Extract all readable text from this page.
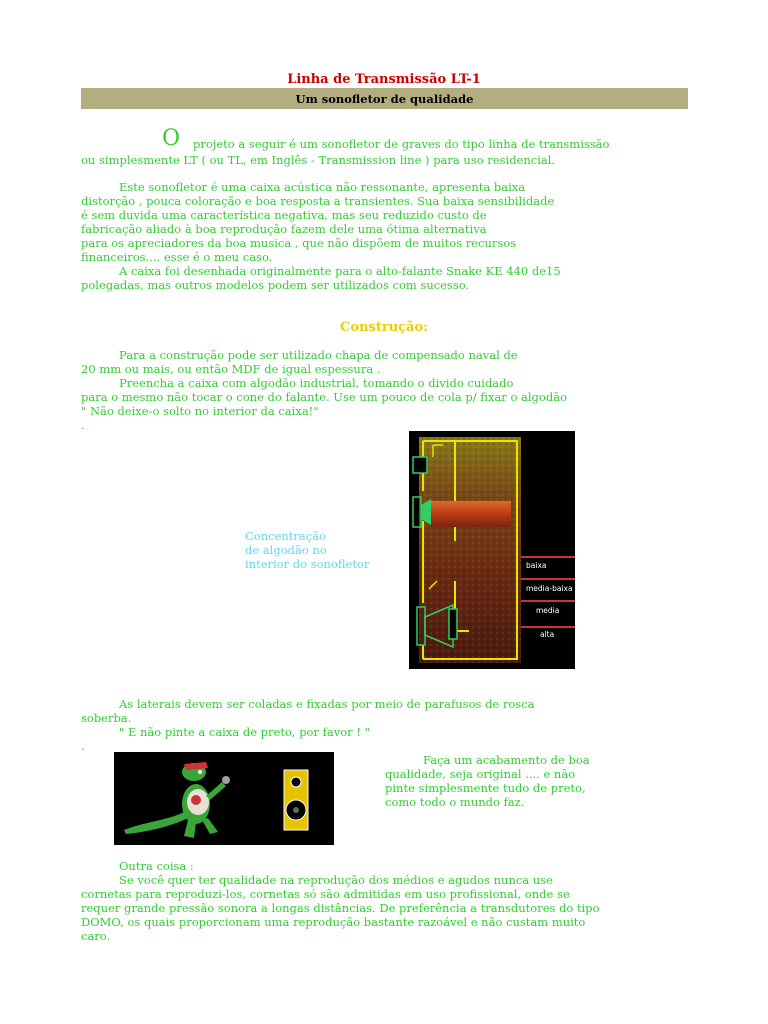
Linha de Transmissão LT-1
Um sonofletor de qualidade
O projeto a seguir é um sonofletor de graves do tipo linha de transmissão
ou simplesmente LT ( ou TL, em Inglês - Transmission line ) para uso residencial.
Este sonofletor é uma caixa acústica não ressonante, apresenta baixa
distorção , pouca coloração e boa resposta a transientes. Sua baixa sensibilidade
é sem duvida uma característica negativa, mas seu reduzido custo de
fabricação aliado à boa reprodução fazem dele uma ótima alternativa
para os apreciadores da boa musica , que não dispõem de muitos recursos
financeiros.... esse é o meu caso.
A caixa foi desenhada originalmente para o alto-falante Snake KE 440 de15
polegadas, mas outros modelos podem ser utilizados com sucesso.
Construção:
Para a construção pode ser utilizado chapa de compensado naval de
20 mm ou mais, ou então MDF de igual espessura .
Preencha a caixa com algodão industrial, tomando o divido cuidado
para o mesmo não tocar o cone do falante. Use um pouco de cola p/ fixar o algodão
" Não deixe-o solto no interior da caixa!"
.
Concentração
de algodão no
interior do sonofletor	baixa
media-baixa
media
alta
As laterais devem ser coladas e fixadas por meio de parafusos de rosca
soberba.
" E não pinte a caixa de preto, por favor ! "
.
Faça um acabamento de boa
qualidade, seja original .... e não
pinte simplesmente tudo de preto,
como todo o mundo faz.
Outra coisa :
Se você quer ter qualidade na reprodução dos médios e agudos nunca use
cornetas para reproduzi-los, cornetas só são admitidas em uso profissional, onde se
requer grande pressão sonora a longas distâncias. De preferência a transdutores do tipo
DOMO, os quais proporcionam uma reprodução bastante razoável e não custam muito
caro.
